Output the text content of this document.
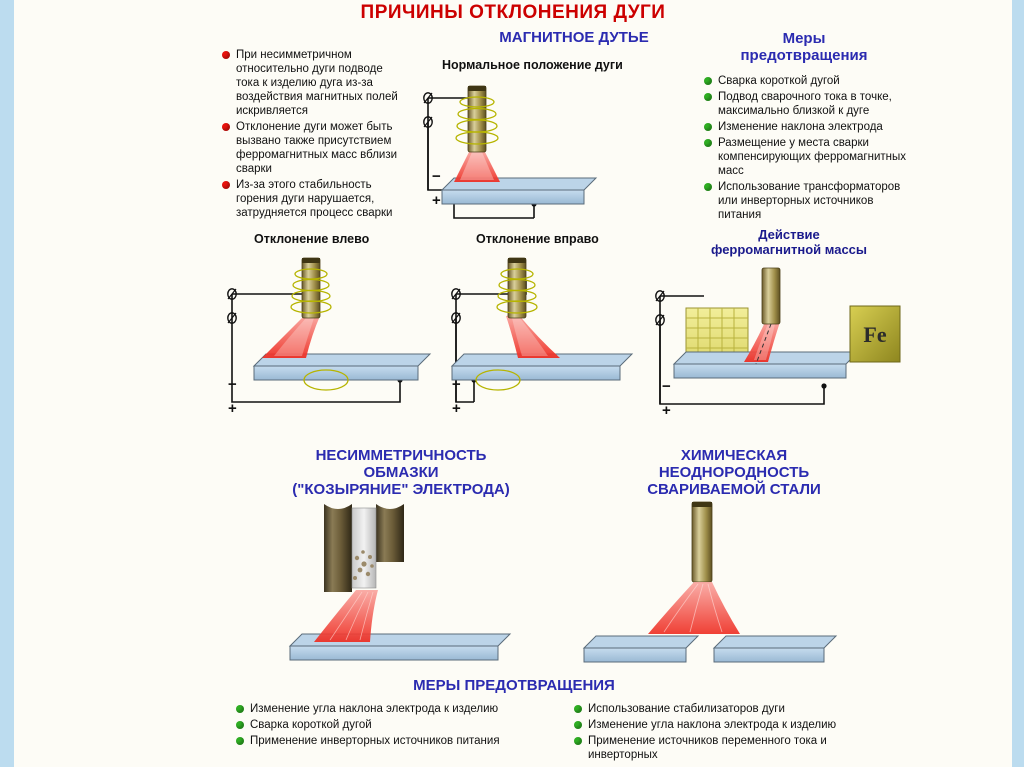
ПРИЧИНЫ ОТКЛОНЕНИЯ ДУГИ
МАГНИТНОЕ ДУТЬЕ	Меры
предотвращения
При несимметричном относительно дуги подводе тока к изделию дуга из-за воздействия магнитных полей искривляется
Отклонение дуги может быть вызвано также присутствием ферромагнитных масс вблизи сварки
Из-за этого стабильность горения дуги нарушается, затрудняется процесс сварки
Сварка короткой дугой
Подвод сварочного тока в точке, максимально близкой к дуге
Изменение наклона электрода
Размещение у места сварки компенсирующих ферромагнитных масс
Использование трансформаторов или инверторных источников питания
Нормальное положение дуги
Отклонение влево	Отклонение вправо	Действие
ферромагнитной массы
Fe
НЕСИММЕТРИЧНОСТЬ
ОБМАЗКИ
("КОЗЫРЯНИЕ" ЭЛЕКТРОДА)
ХИМИЧЕСКАЯ
НЕОДНОРОДНОСТЬ
СВАРИВАЕМОЙ СТАЛИ
МЕРЫ ПРЕДОТВРАЩЕНИЯ
Изменение угла наклона электрода к изделию
Сварка короткой дугой
Применение инверторных источников питания
Использование стабилизаторов дуги
Изменение угла наклона электрода к изделию
Применение источников переменного тока и инверторных
−
+
−
+
−
+
−
+
